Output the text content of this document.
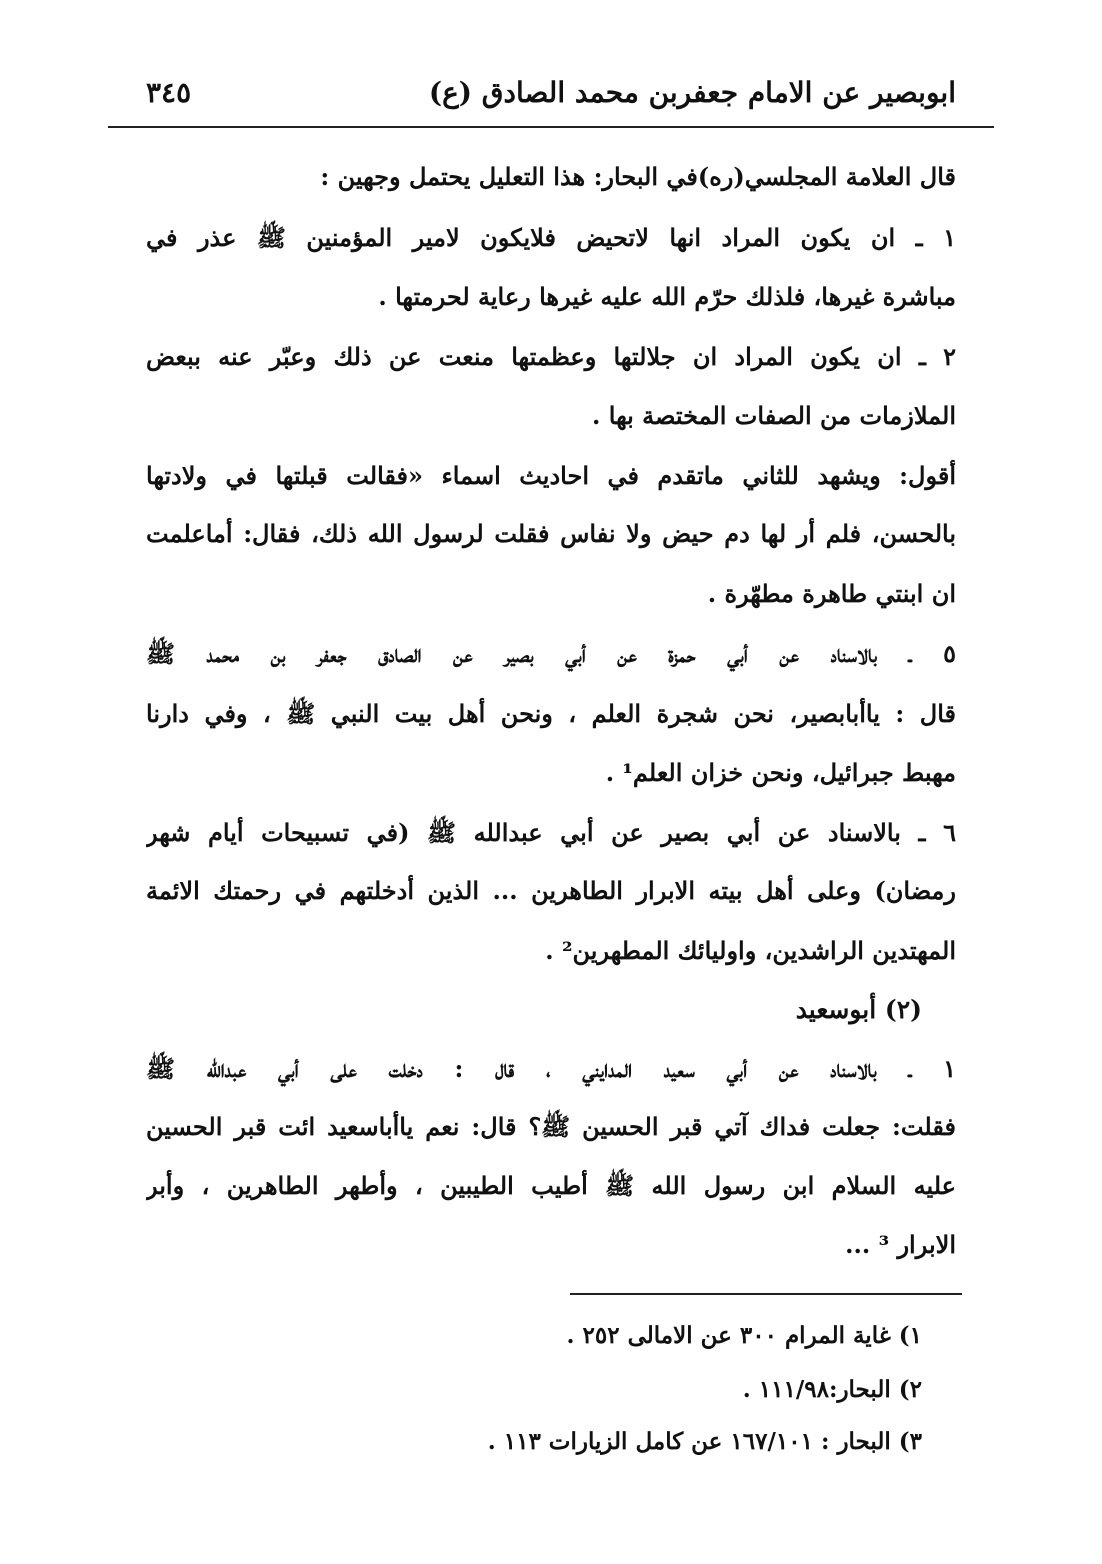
ابوبصير عن الامام جعفربن محمد الصادق (ع)
٣٤٥
قال العلامة المجلسي(ره)في البحار: هذا التعليل يحتمل وجهين :
١ ـ ان يكون المراد انها لاتحيض فلايكون لامير المؤمنين ﷺ عذر في
مباشرة غيرها، فلذلك حرّم الله عليه غيرها رعاية لحرمتها .
٢ ـ ان يكون المراد ان جلالتها وعظمتها منعت عن ذلك وعبّر عنه ببعض
الملازمات من الصفات المختصة بها .
أقول: ويشهد للثاني ماتقدم في احاديث اسماء «فقالت قبلتها في ولادتها
بالحسن، فلم أر لها دم حيض ولا نفاس فقلت لرسول الله ذلك، فقال: أماعلمت
ان ابنتي طاهرة مطهّرة .
٥ ـ بالاسناد عن أبي حمزة عن أبي بصير عن الصادق جعفر بن محمد ﷺ
قال : ياأبابصير، نحن شجرة العلم ، ونحن أهل بيت النبي ﷺ ، وفي دارنا
مهبط جبرائيل، ونحن خزان العلم¹ .
٦ ـ بالاسناد عن أبي بصير عن أبي عبدالله ﷺ (في تسبيحات أيام شهر
رمضان) وعلى أهل بيته الابرار الطاهرين ... الذين أدخلتهم في رحمتك الائمة
المهتدين الراشدين، واوليائك المطهرين² .
(٢) أبوسعيد
١ ـ بالاسناد عن أبي سعيد المدايني ، قال : دخلت على أبي عبدالله ﷺ
فقلت: جعلت فداك آتي قبر الحسين ﷺ؟ قال: نعم ياأباسعيد ائت قبر الحسين
عليه السلام ابن رسول الله ﷺ أطيب الطيبين ، وأطهر الطاهرين ، وأبر
الابرار ³ ...
١) غاية المرام ٣٠٠ عن الامالى ٢٥٢ .
٢) البحار:١١١/٩٨ .
٣) البحار : ١٦٧/١٠١ عن كامل الزيارات ١١٣ .
